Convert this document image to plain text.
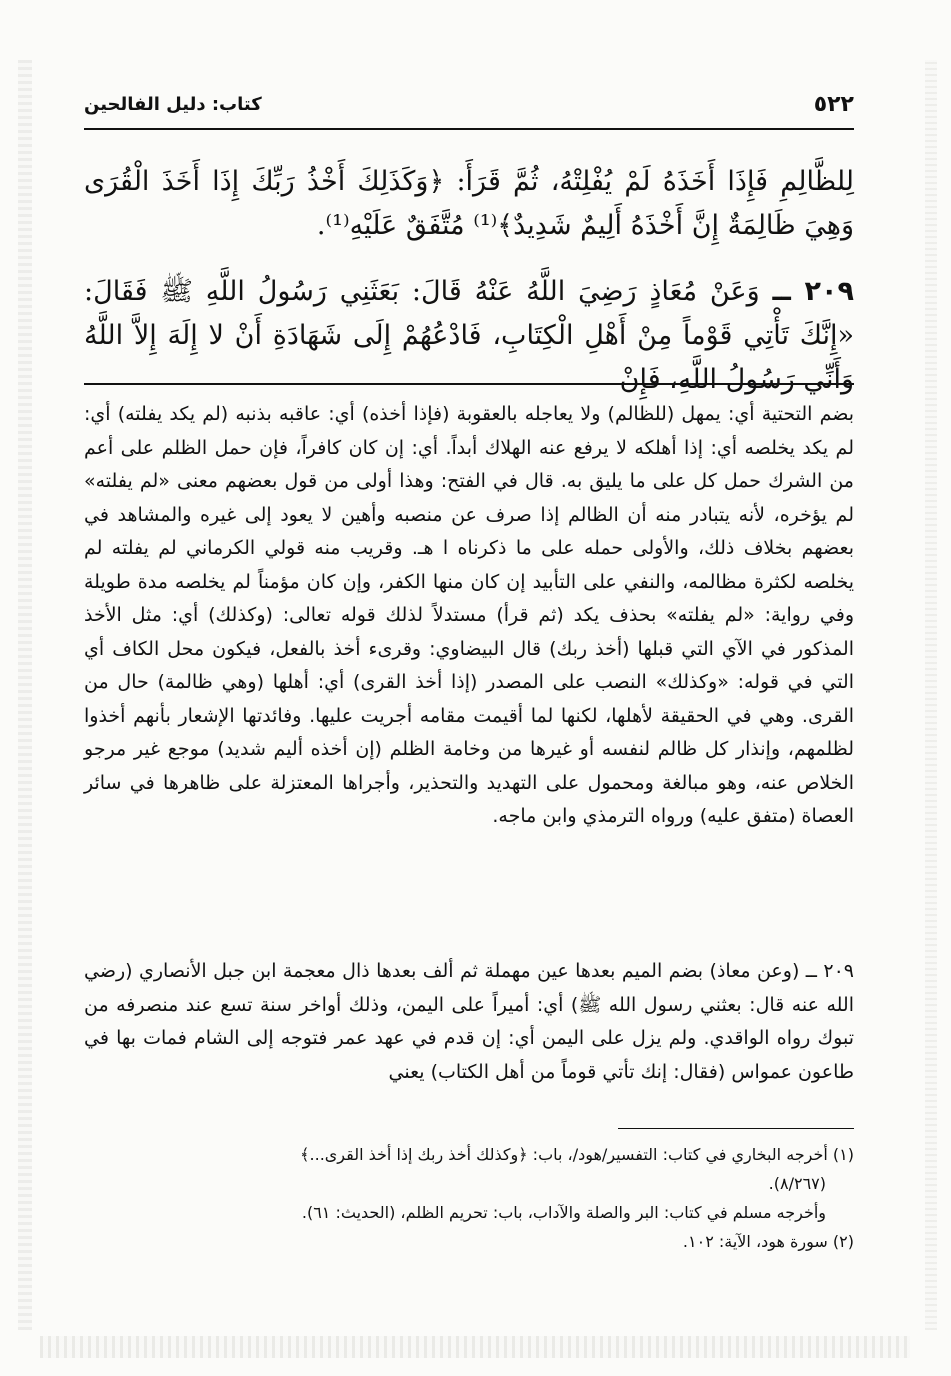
٥٢٢
كتاب: دليل الفالحين
لِلظَّالِمِ فَإِذَا أَخَذَهُ لَمْ يُفْلِتْهُ، ثُمَّ قَرَأَ: ﴿وَكَذَلِكَ أَخْذُ رَبِّكَ إِذَا أَخَذَ الْقُرَى وَهِيَ ظَالِمَةٌ إِنَّ أَخْذَهُ أَلِيمٌ شَدِيدٌ﴾⁽¹⁾ مُتَّفَقٌ عَلَيْهِ⁽¹⁾.
٢٠٩ ــ وَعَنْ مُعَاذٍ رَضِيَ اللَّهُ عَنْهُ قَالَ: بَعَثَنِي رَسُولُ اللَّهِ ﷺ فَقَالَ: «إِنَّكَ تَأْتِي قَوْماً مِنْ أَهْلِ الْكِتَابِ، فَادْعُهُمْ إِلَى شَهَادَةِ أَنْ لا إِلَهَ إِلاَّ اللَّهُ وَأَنِّي رَسُولُ اللَّهِ، فَإِنْ
بضم التحتية أي: يمهل (للظالم) ولا يعاجله بالعقوبة (فإذا أخذه) أي: عاقبه بذنبه (لم يكد يفلته) أي: لم يكد يخلصه أي: إذا أهلكه لا يرفع عنه الهلاك أبداً. أي: إن كان كافراً، فإن حمل الظلم على أعم من الشرك حمل كل على ما يليق به. قال في الفتح: وهذا أولى من قول بعضهم معنى «لم يفلته» لم يؤخره، لأنه يتبادر منه أن الظالم إذا صرف عن منصبه وأهين لا يعود إلى غيره والمشاهد في بعضهم بخلاف ذلك، والأولى حمله على ما ذكرناه ا هـ. وقريب منه قولي الكرماني لم يفلته لم يخلصه لكثرة مظالمه، والنفي على التأبيد إن كان منها الكفر، وإن كان مؤمناً لم يخلصه مدة طويلة وفي رواية: «لم يفلته» بحذف يكد (ثم قرأ) مستدلاً لذلك قوله تعالى: (وكذلك) أي: مثل الأخذ المذكور في الآي التي قبلها (أخذ ربك) قال البيضاوي: وقرىء أخذ بالفعل، فيكون محل الكاف أي التي في قوله: «وكذلك» النصب على المصدر (إذا أخذ القرى) أي: أهلها (وهي ظالمة) حال من القرى. وهي في الحقيقة لأهلها، لكنها لما أقيمت مقامه أجريت عليها. وفائدتها الإشعار بأنهم أخذوا لظلمهم، وإنذار كل ظالم لنفسه أو غيرها من وخامة الظلم (إن أخذه أليم شديد) موجع غير مرجو الخلاص عنه، وهو مبالغة ومحمول على التهديد والتحذير، وأجراها المعتزلة على ظاهرها في سائر العصاة (متفق عليه) ورواه الترمذي وابن ماجه.
٢٠٩ ــ (وعن معاذ) بضم الميم بعدها عين مهملة ثم ألف بعدها ذال معجمة ابن جبل الأنصاري (رضي الله عنه قال: بعثني رسول الله ﷺ) أي: أميراً على اليمن، وذلك أواخر سنة تسع عند منصرفه من تبوك رواه الواقدي. ولم يزل على اليمن أي: إن قدم في عهد عمر فتوجه إلى الشام فمات بها في طاعون عمواس (فقال: إنك تأتي قوماً من أهل الكتاب) يعني

(١) أخرجه البخاري في كتاب: التفسير/هود/، باب: ﴿وكذلك أخذ ربك إذا أخذ القرى...﴾

(٨/٢٦٧).

وأخرجه مسلم في كتاب: البر والصلة والآداب، باب: تحريم الظلم، (الحديث: ٦١).

(٢) سورة هود، الآية: ١٠٢.
